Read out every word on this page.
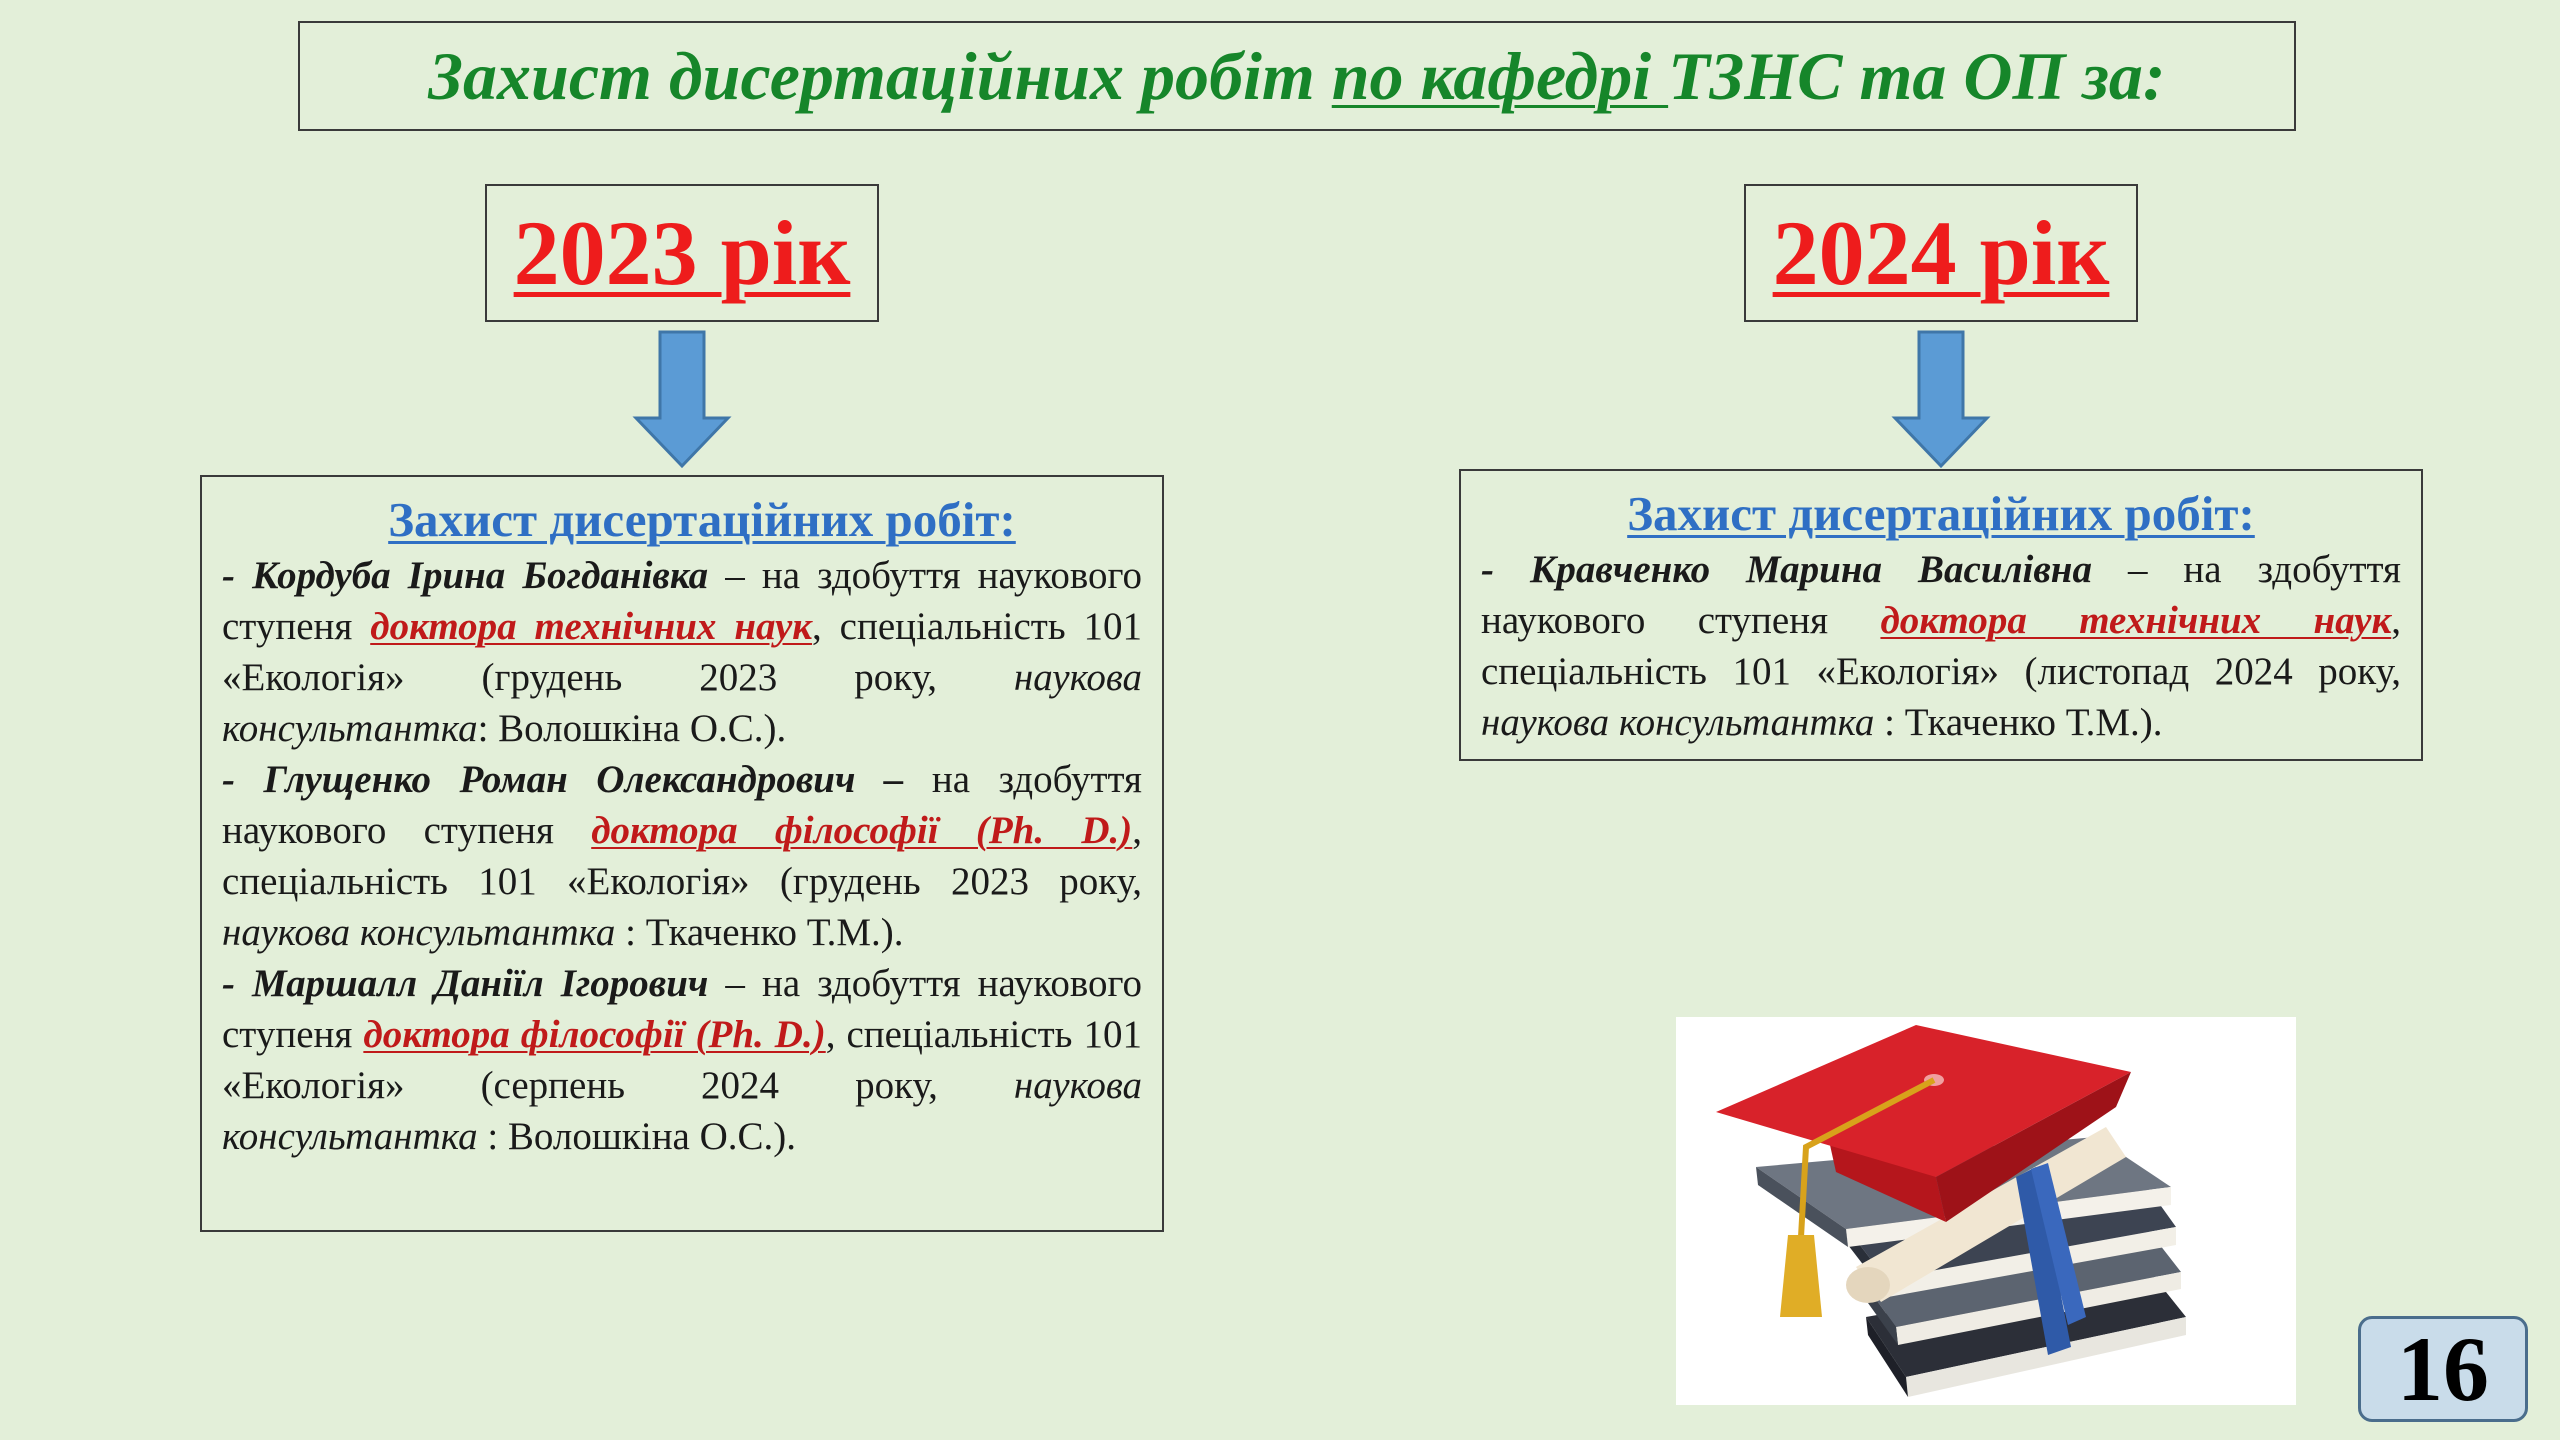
Захист дисертаційних робіт по кафедрі ТЗНС та ОП за:
2023 рік	2024 рік
Захист дисертаційних робіт:

- Кордуба Ірина Богданівка – на здобуття наукового ступеня доктора технічних наук, спеціальність 101 «Екологія» (грудень 2023 року, наукова консультантка: Волошкіна О.С.).

- Глущенко Роман Олександрович – на здобуття наукового ступеня доктора філософії (Ph. D.), спеціальність 101 «Екологія» (грудень 2023 року, наукова консультантка : Ткаченко Т.М.).

- Маршалл Даніїл Ігорович – на здобуття наукового ступеня доктора філософії (Ph. D.), спеціальність 101 «Екологія» (серпень 2024 року, наукова консультантка : Волошкіна О.С.).

Захист дисертаційних робіт:

- Кравченко Марина Василівна – на здобуття наукового ступеня доктора технічних наук, спеціальність 101 «Екологія» (листопад 2024 року, наукова консультантка : Ткаченко Т.М.).

16
